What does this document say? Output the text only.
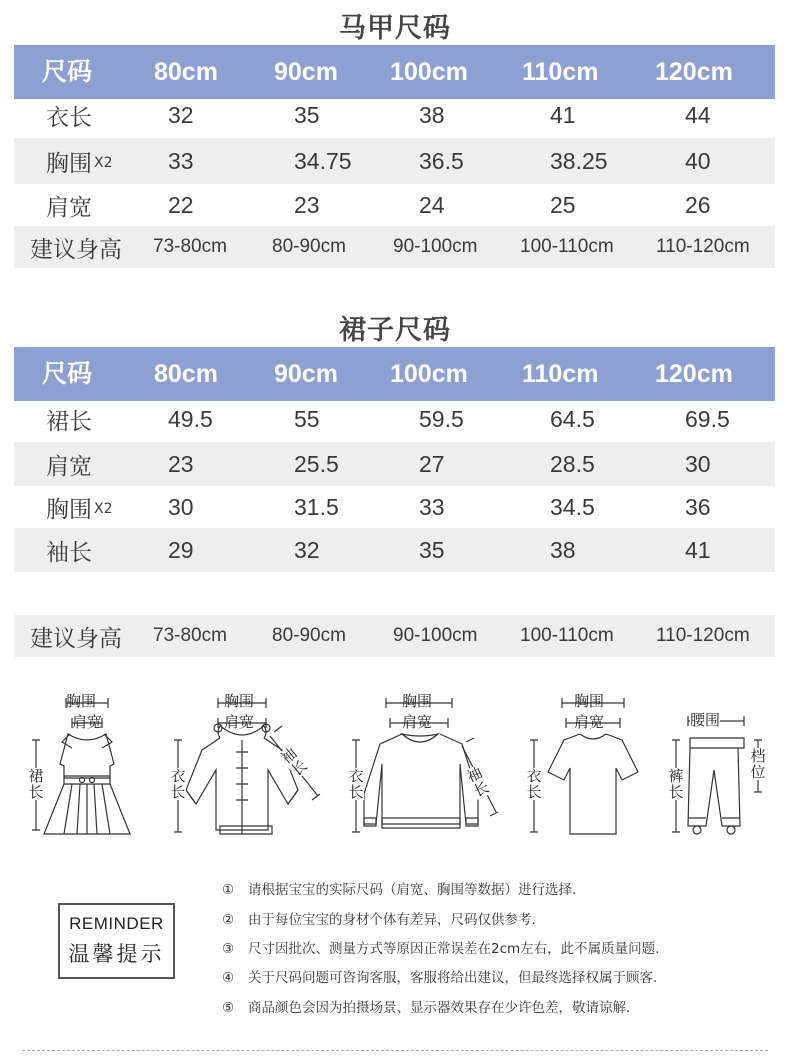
马甲尺码
尺码 80cm 90cm 100cm 110cm 120cm
衣长	32	35	38	41	44
胸围 X2 33	34.75	36.5	38.25	40
肩宽	22	23	24	25	26
建议身高 73-80cm 80-90cm 90-100cm 100-110cm 110-120cm
裙子尺码
尺码 80cm 90cm 100cm 110cm 120cm
裙长	49.5	55	59.5	64.5	69.5
肩宽	23	25.5	27	28.5	30
胸围 X2 30	31.5	33	34.5	36
袖长	29	32	35	38	41
建议身高 73-80cm 80-90cm 90-100cm 100-110cm 110-120cm
胸围
肩宽
裙长
胸围
肩宽
衣长
袖长
胸围
肩宽
衣长
袖长
胸围
肩宽
衣长
腰围
裤长
档位
REMINDER
温馨提示
① 请根据宝宝的实际尺码（肩宽、胸围等数据）进行选择.
② 由于每位宝宝的身材个体有差异，尺码仅供参考.
③ 尺寸因批次、测量方式等原因正常误差在2cm左右，此不属质量问题.
④ 关于尺码问题可咨询客服，客服将给出建议，但最终选择权属于顾客.
⑤ 商品颜色会因为拍摄场景、显示器效果存在少许色差，敬请谅解.
